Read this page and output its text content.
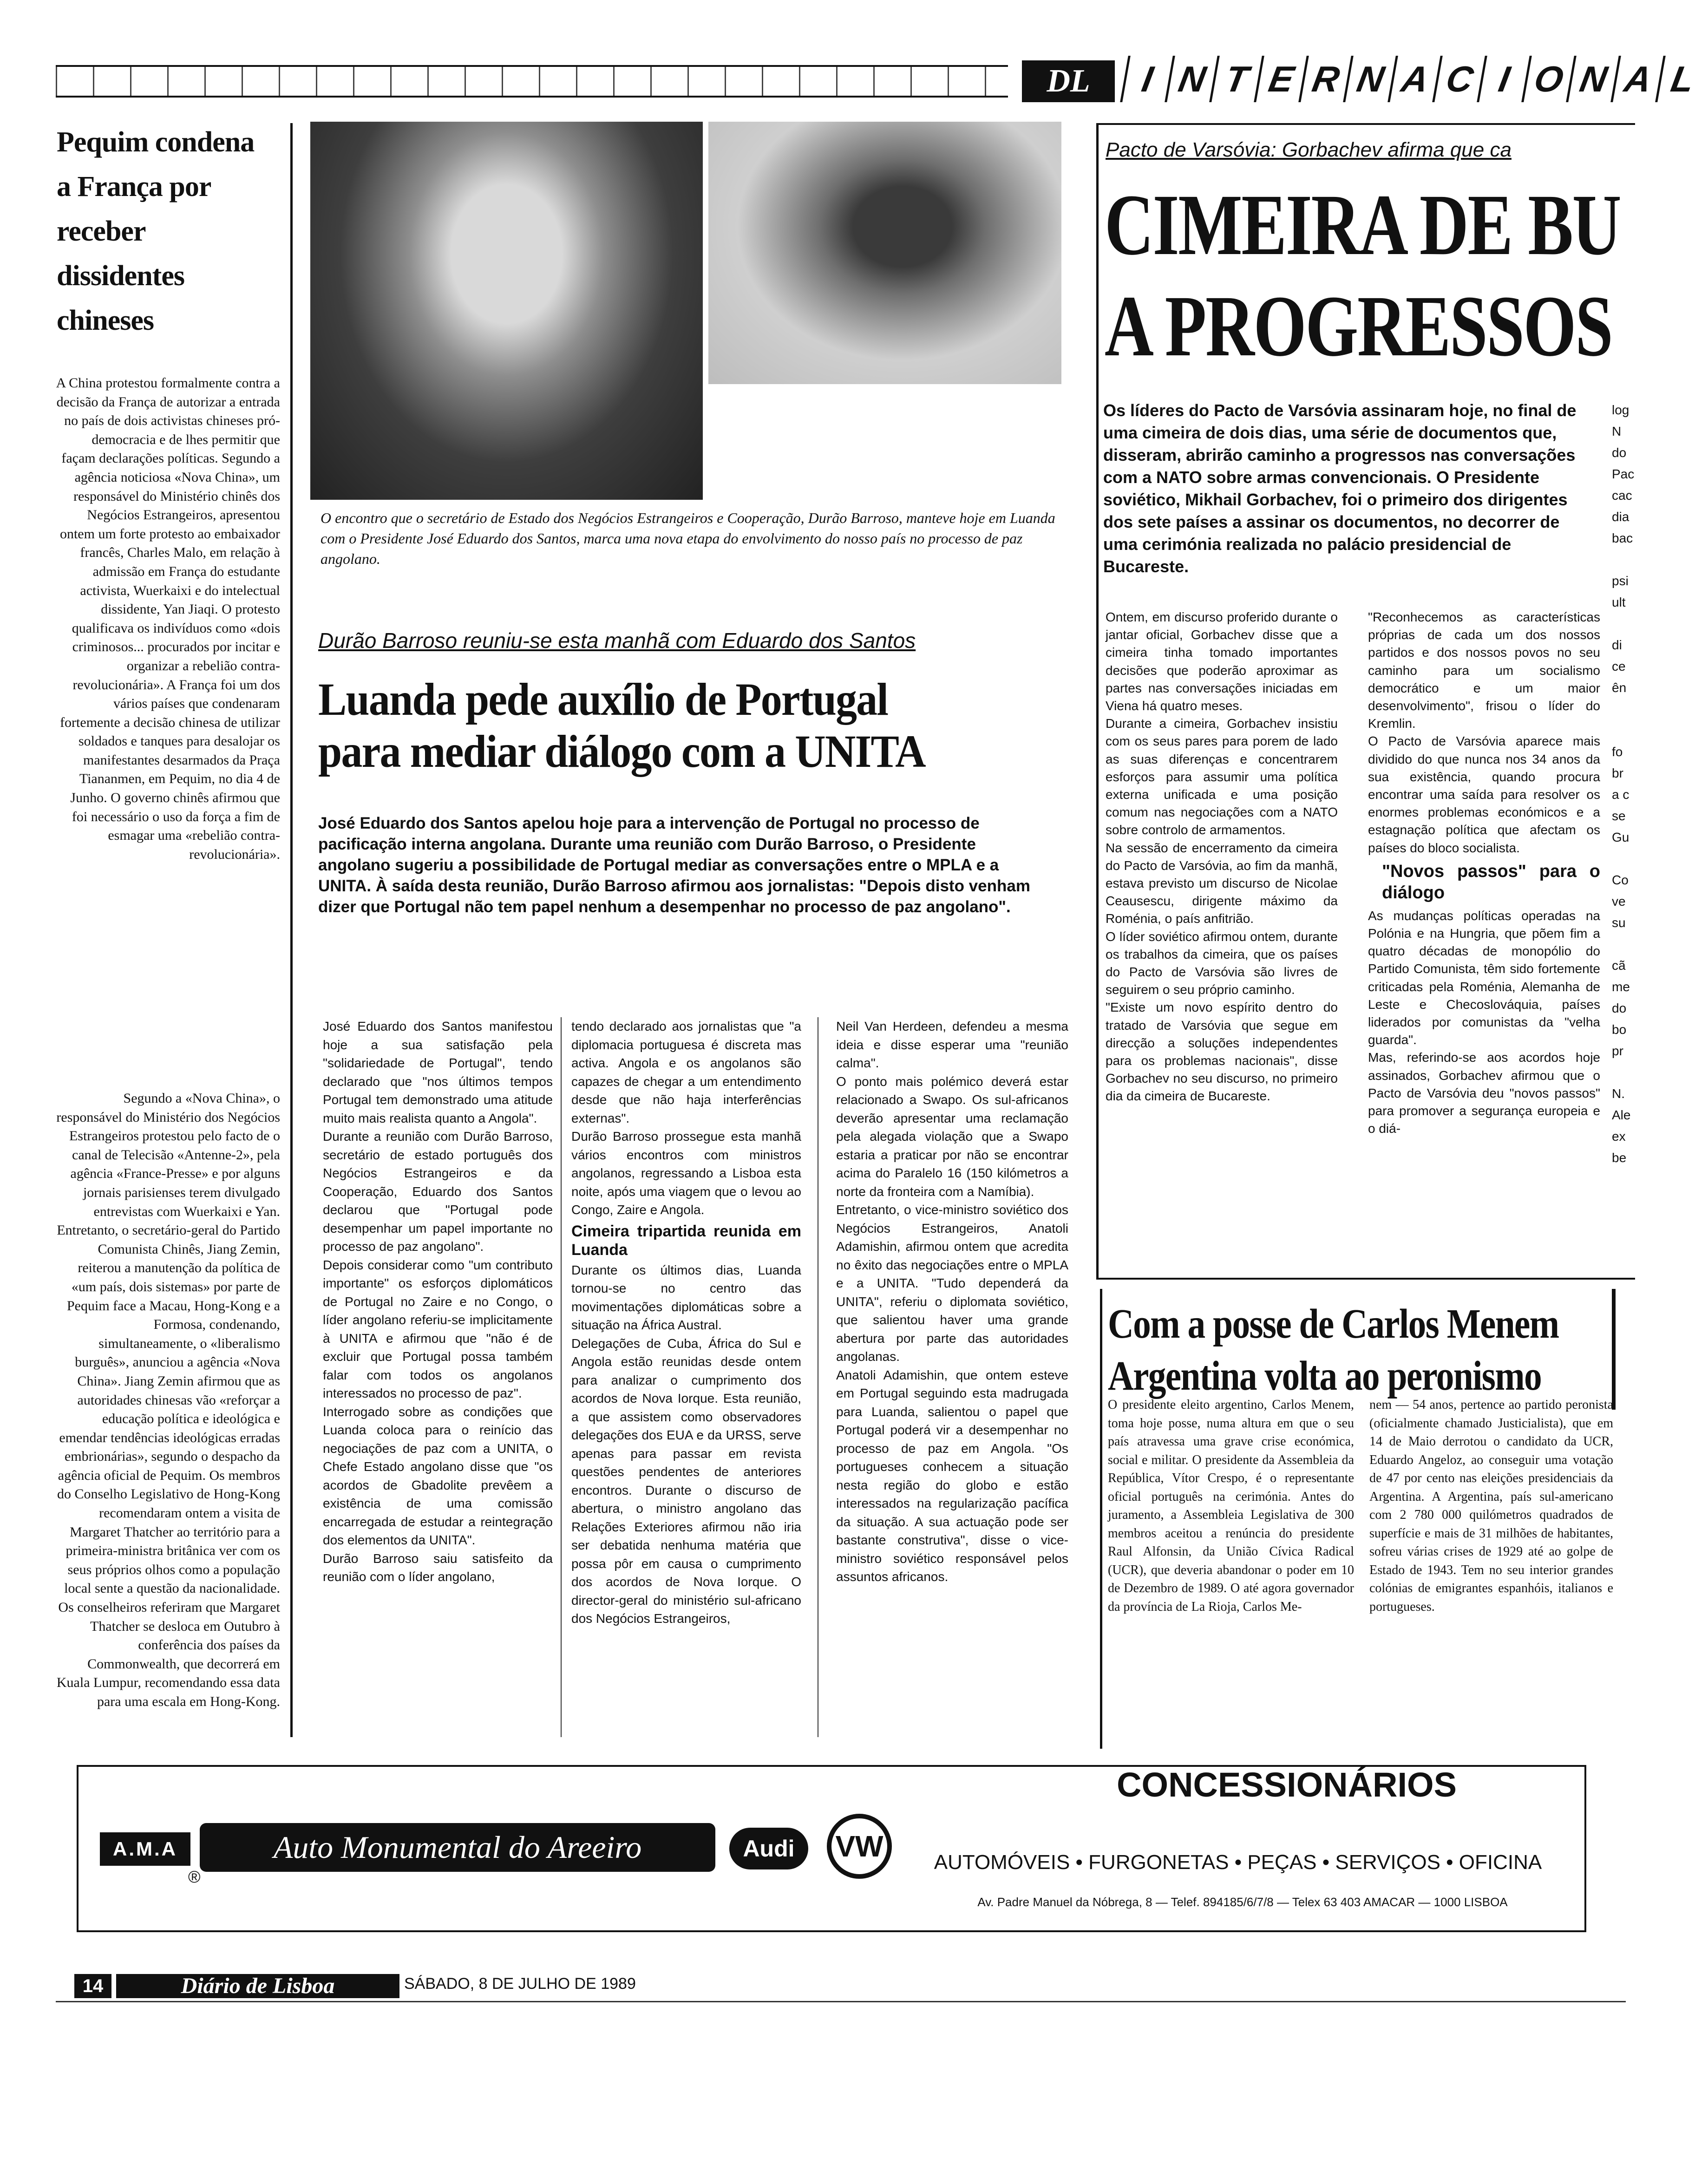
DL	I N T E R N A C I O N A L
Pequim condena a França por receber dissidentes chineses
A China protestou formalmente contra a decisão da França de autorizar a entrada no país de dois activistas chineses pró-democracia e de lhes permitir que façam declarações políticas. Segundo a agência noticiosa «Nova China», um responsável do Ministério chinês dos Negócios Estrangeiros, apresentou ontem um forte protesto ao embaixador francês, Charles Malo, em relação à admissão em França do estudante activista, Wuerkaixi e do intelectual dissidente, Yan Jiaqi. O protesto qualificava os indivíduos como «dois criminosos... procurados por incitar e organizar a rebelião contra-revolucionária». A França foi um dos vários países que condenaram fortemente a decisão chinesa de utilizar soldados e tanques para desalojar os manifestantes desarmados da Praça Tiananmen, em Pequim, no dia 4 de Junho. O governo chinês afirmou que foi necessário o uso da força a fim de esmagar uma «rebelião contra-revolucionária».
Segundo a «Nova China», o responsável do Ministério dos Negócios Estrangeiros protestou pelo facto de o canal de Telecisão «Antenne-2», pela agência «France-Presse» e por alguns jornais parisienses terem divulgado entrevistas com Wuerkaixi e Yan. Entretanto, o secretário-geral do Partido Comunista Chinês, Jiang Zemin, reiterou a manutenção da política de «um país, dois sistemas» por parte de Pequim face a Macau, Hong-Kong e a Formosa, condenando, simultaneamente, o «liberalismo burguês», anunciou a agência «Nova China». Jiang Zemin afirmou que as autoridades chinesas vão «reforçar a educação política e ideológica e emendar tendências ideológicas erradas embrionárias», segundo o despacho da agência oficial de Pequim. Os membros do Conselho Legislativo de Hong-Kong recomendaram ontem a visita de Margaret Thatcher ao território para a primeira-ministra britânica ver com os seus próprios olhos como a população local sente a questão da nacionalidade. Os conselheiros referiram que Margaret Thatcher se desloca em Outubro à conferência dos países da Commonwealth, que decorrerá em Kuala Lumpur, recomendando essa data para uma escala em Hong-Kong.
O encontro que o secretário de Estado dos Negócios Estrangeiros e Cooperação, Durão Barroso, manteve hoje em Luanda com o Presidente José Eduardo dos Santos, marca uma nova etapa do envolvimento do nosso país no processo de paz angolano.
Durão Barroso reuniu-se esta manhã com Eduardo dos Santos
Luanda pede auxílio de Portugal
para mediar diálogo com a UNITA
José Eduardo dos Santos apelou hoje para a intervenção de Portugal no processo de pacificação interna angolana. Durante uma reunião com Durão Barroso, o Presidente angolano sugeriu a possibilidade de Portugal mediar as conversações entre o MPLA e a UNITA. À saída desta reunião, Durão Barroso afirmou aos jornalistas: "Depois disto venham dizer que Portugal não tem papel nenhum a desempenhar no processo de paz angolano".

José Eduardo dos Santos manifestou hoje a sua satisfação pela "solidariedade de Portugal", tendo declarado que "nos últimos tempos Portugal tem demonstrado uma atitude muito mais realista quanto a Angola".

Durante a reunião com Durão Barroso, secretário de estado português dos Negócios Estrangeiros e da Cooperação, Eduardo dos Santos declarou que "Portugal pode desempenhar um papel importante no processo de paz angolano".

Depois considerar como "um contributo importante" os esforços diplomáticos de Portugal no Zaire e no Congo, o líder angolano referiu-se implicitamente à UNITA e afirmou que "não é de excluir que Portugal possa também falar com todos os angolanos interessados no processo de paz".

Interrogado sobre as condições que Luanda coloca para o reinício das negociações de paz com a UNITA, o Chefe Estado angolano disse que "os acordos de Gbadolite prevêem a existência de uma comissão encarregada de estudar a reintegração dos elementos da UNITA".

Durão Barroso saiu satisfeito da reunião com o líder angolano,

tendo declarado aos jornalistas que "a diplomacia portuguesa é discreta mas activa. Angola e os angolanos são capazes de chegar a um entendimento desde que não haja interferências externas".

Durão Barroso prossegue esta manhã vários encontros com ministros angolanos, regressando a Lisboa esta noite, após uma viagem que o levou ao Congo, Zaire e Angola.

Cimeira tripartida reunida em Luanda

Durante os últimos dias, Luanda tornou-se no centro das movimentações diplomáticas sobre a situação na África Austral.

Delegações de Cuba, África do Sul e Angola estão reunidas desde ontem para analizar o cumprimento dos acordos de Nova Iorque. Esta reunião, a que assistem como observadores delegações dos EUA e da URSS, serve apenas para passar em revista questões pendentes de anteriores encontros. Durante o discurso de abertura, o ministro angolano das Relações Exteriores afirmou não iria ser debatida nenhuma matéria que possa pôr em causa o cumprimento dos acordos de Nova Iorque. O director-geral do ministério sul-africano dos Negócios Estrangeiros,

Neil Van Herdeen, defendeu a mesma ideia e disse esperar uma "reunião calma".

O ponto mais polémico deverá estar relacionado a Swapo. Os sul-africanos deverão apresentar uma reclamação pela alegada violação que a Swapo estaria a praticar por não se encontrar acima do Paralelo 16 (150 kilómetros a norte da fronteira com a Namíbia).

Entretanto, o vice-ministro soviético dos Negócios Estrangeiros, Anatoli Adamishin, afirmou ontem que acredita no êxito das negociações entre o MPLA e a UNITA. "Tudo dependerá da UNITA", referiu o diplomata soviético, que salientou haver uma grande abertura por parte das autoridades angolanas.

Anatoli Adamishin, que ontem esteve em Portugal seguindo esta madrugada para Luanda, salientou o papel que Portugal poderá vir a desempenhar no processo de paz em Angola. "Os portugueses conhecem a situação nesta região do globo e estão interessados na regularização pacífica da situação. A sua actuação pode ser bastante construtiva", disse o vice-ministro soviético responsável pelos assuntos africanos.

Pacto de Varsóvia: Gorbachev afirma que ca
CIMEIRA DE BU
A PROGRESSOS
Os líderes do Pacto de Varsóvia assinaram hoje, no final de uma cimeira de dois dias, uma série de documentos que, disseram, abrirão caminho a progressos nas conversações com a NATO sobre armas convencionais. O Presidente soviético, Mikhail Gorbachev, foi o primeiro dos dirigentes dos sete países a assinar os documentos, no decorrer de uma cerimónia realizada no palácio presidencial de Bucareste.

Ontem, em discurso proferido durante o jantar oficial, Gorbachev disse que a cimeira tinha tomado importantes decisões que poderão aproximar as partes nas conversações iniciadas em Viena há quatro meses.

Durante a cimeira, Gorbachev insistiu com os seus pares para porem de lado as suas diferenças e concentrarem esforços para assumir uma política externa unificada e uma posição comum nas negociações com a NATO sobre controlo de armamentos.

Na sessão de encerramento da cimeira do Pacto de Varsóvia, ao fim da manhã, estava previsto um discurso de Nicolae Ceausescu, dirigente máximo da Roménia, o país anfitrião.

O líder soviético afirmou ontem, durante os trabalhos da cimeira, que os países do Pacto de Varsóvia são livres de seguirem o seu próprio caminho.

"Existe um novo espírito dentro do tratado de Varsóvia que segue em direcção a soluções independentes para os problemas nacionais", disse Gorbachev no seu discurso, no primeiro dia da cimeira de Bucareste.

"Reconhecemos as características próprias de cada um dos nossos partidos e dos nossos povos no seu caminho para um socialismo democrático e um maior desenvolvimento", frisou o líder do Kremlin.

O Pacto de Varsóvia aparece mais dividido do que nunca nos 34 anos da sua existência, quando procura encontrar uma saída para resolver os enormes problemas económicos e a estagnação política que afectam os países do bloco socialista.

"Novos passos" para o diálogo

As mudanças políticas operadas na Polónia e na Hungria, que põem fim a quatro décadas de monopólio do Partido Comunista, têm sido fortemente criticadas pela Roménia, Alemanha de Leste e Checoslováquia, países liderados por comunistas da "velha guarda".

Mas, referindo-se aos acordos hoje assinados, Gorbachev afirmou que o Pacto de Varsóvia deu "novos passos" para promover a segurança europeia e o diá-

log
N
do
Pac
cac
dia
bac

psi
ult

di
ce
ên

fo
br
a c
se
Gu

Co
ve
su

cã
me
do
bo
pr

N.
Ale
ex
be
Com a posse de Carlos Menem
Argentina volta ao peronismo
O presidente eleito argentino, Carlos Menem, toma hoje posse, numa altura em que o seu país atravessa uma grave crise económica, social e militar. O presidente da Assembleia da República, Vítor Crespo, é o representante oficial português na cerimónia. Antes do juramento, a Assembleia Legislativa de 300 membros aceitou a renúncia do presidente Raul Alfonsin, da União Cívica Radical (UCR), que deveria abandonar o poder em 10 de Dezembro de 1989. O até agora governador da província de La Rioja, Carlos Me-
nem — 54 anos, pertence ao partido peronista (oficialmente chamado Justicialista), que em 14 de Maio derrotou o candidato da UCR, Eduardo Angeloz, ao conseguir uma votação de 47 por cento nas eleições presidenciais da Argentina. A Argentina, país sul-americano com 2 780 000 quilómetros quadrados de superfície e mais de 31 milhões de habitantes, sofreu várias crises de 1929 até ao golpe de Estado de 1943. Tem no seu interior grandes colónias de emigrantes espanhóis, italianos e portugueses.
A.M.A
®
Auto Monumental do Areeiro	Audi	VW
CONCESSIONÁRIOS
AUTOMÓVEIS • FURGONETAS • PEÇAS • SERVIÇOS • OFICINA
Av. Padre Manuel da Nóbrega, 8 — Telef. 894185/6/7/8 — Telex 63 403 AMACAR — 1000 LISBOA
14	Diário de Lisboa	SÁBADO, 8 DE JULHO DE 1989
